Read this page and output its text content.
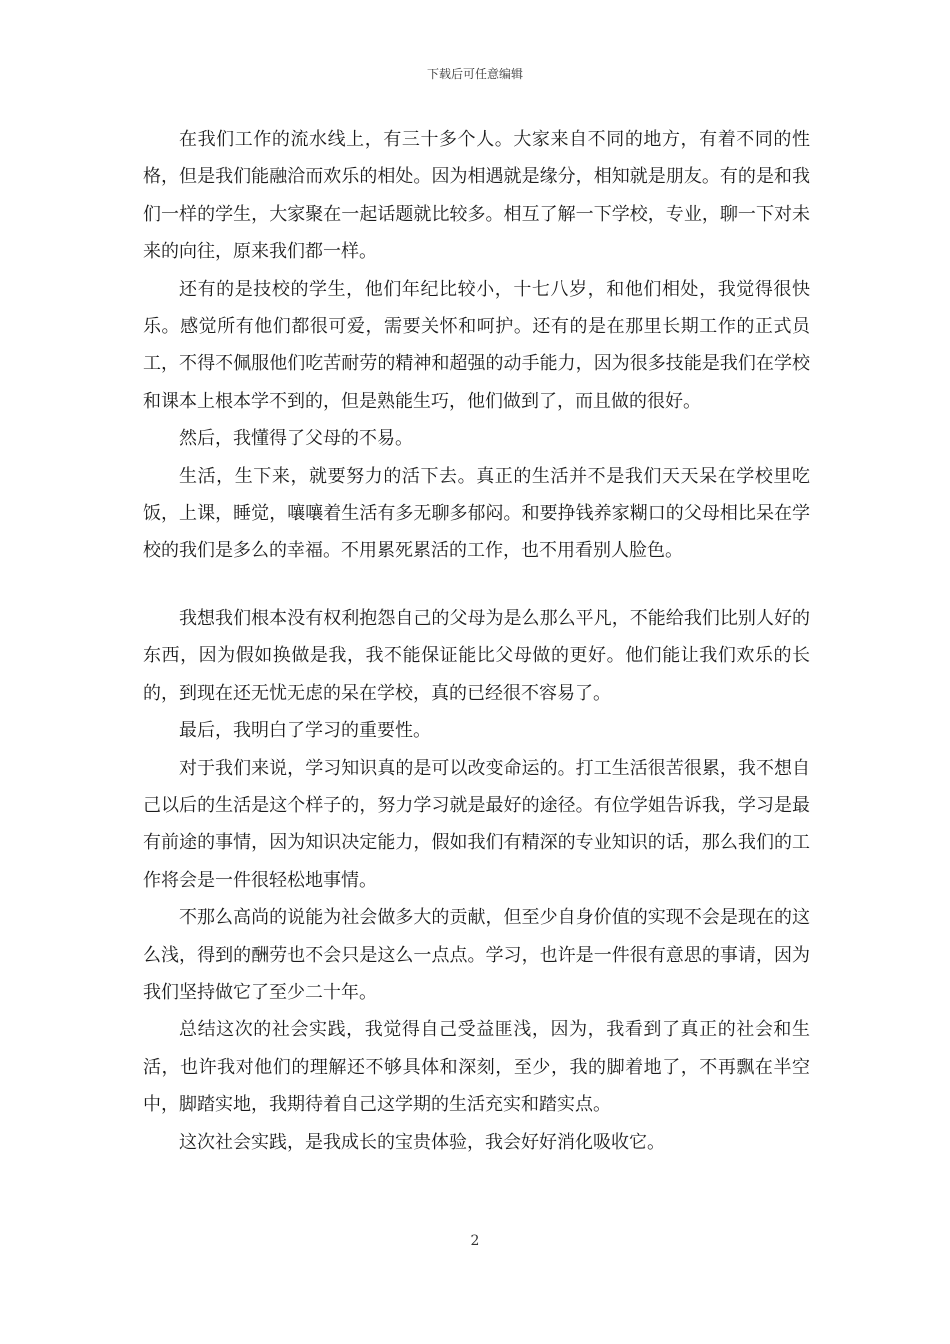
下载后可任意编辑

在我们工作的流水线上，有三十多个人。大家来自不同的地方，有着不同的性格，但是我们能融洽而欢乐的相处。因为相遇就是缘分，相知就是朋友。有的是和我们一样的学生，大家聚在一起话题就比较多。相互了解一下学校，专业，聊一下对未来的向往，原来我们都一样。

还有的是技校的学生，他们年纪比较小，十七八岁，和他们相处，我觉得很快乐。感觉所有他们都很可爱，需要关怀和呵护。还有的是在那里长期工作的正式员工，不得不佩服他们吃苦耐劳的精神和超强的动手能力，因为很多技能是我们在学校和课本上根本学不到的，但是熟能生巧，他们做到了，而且做的很好。

然后，我懂得了父母的不易。

生活，生下来，就要努力的活下去。真正的生活并不是我们天天呆在学校里吃饭，上课，睡觉，嚷嚷着生活有多无聊多郁闷。和要挣钱养家糊口的父母相比呆在学校的我们是多么的幸福。不用累死累活的工作，也不用看别人脸色。

我想我们根本没有权利抱怨自己的父母为是么那么平凡，不能给我们比别人好的东西，因为假如换做是我，我不能保证能比父母做的更好。他们能让我们欢乐的长的，到现在还无忧无虑的呆在学校，真的已经很不容易了。

最后，我明白了学习的重要性。

对于我们来说，学习知识真的是可以改变命运的。打工生活很苦很累，我不想自己以后的生活是这个样子的，努力学习就是最好的途径。有位学姐告诉我，学习是最有前途的事情，因为知识决定能力，假如我们有精深的专业知识的话，那么我们的工作将会是一件很轻松地事情。

不那么高尚的说能为社会做多大的贡献，但至少自身价值的实现不会是现在的这么浅，得到的酬劳也不会只是这么一点点。学习，也许是一件很有意思的事请，因为我们坚持做它了至少二十年。

总结这次的社会实践，我觉得自己受益匪浅，因为，我看到了真正的社会和生活，也许我对他们的理解还不够具体和深刻，至少，我的脚着地了，不再飘在半空中，脚踏实地，我期待着自己这学期的生活充实和踏实点。

这次社会实践，是我成长的宝贵体验，我会好好消化吸收它。

2
